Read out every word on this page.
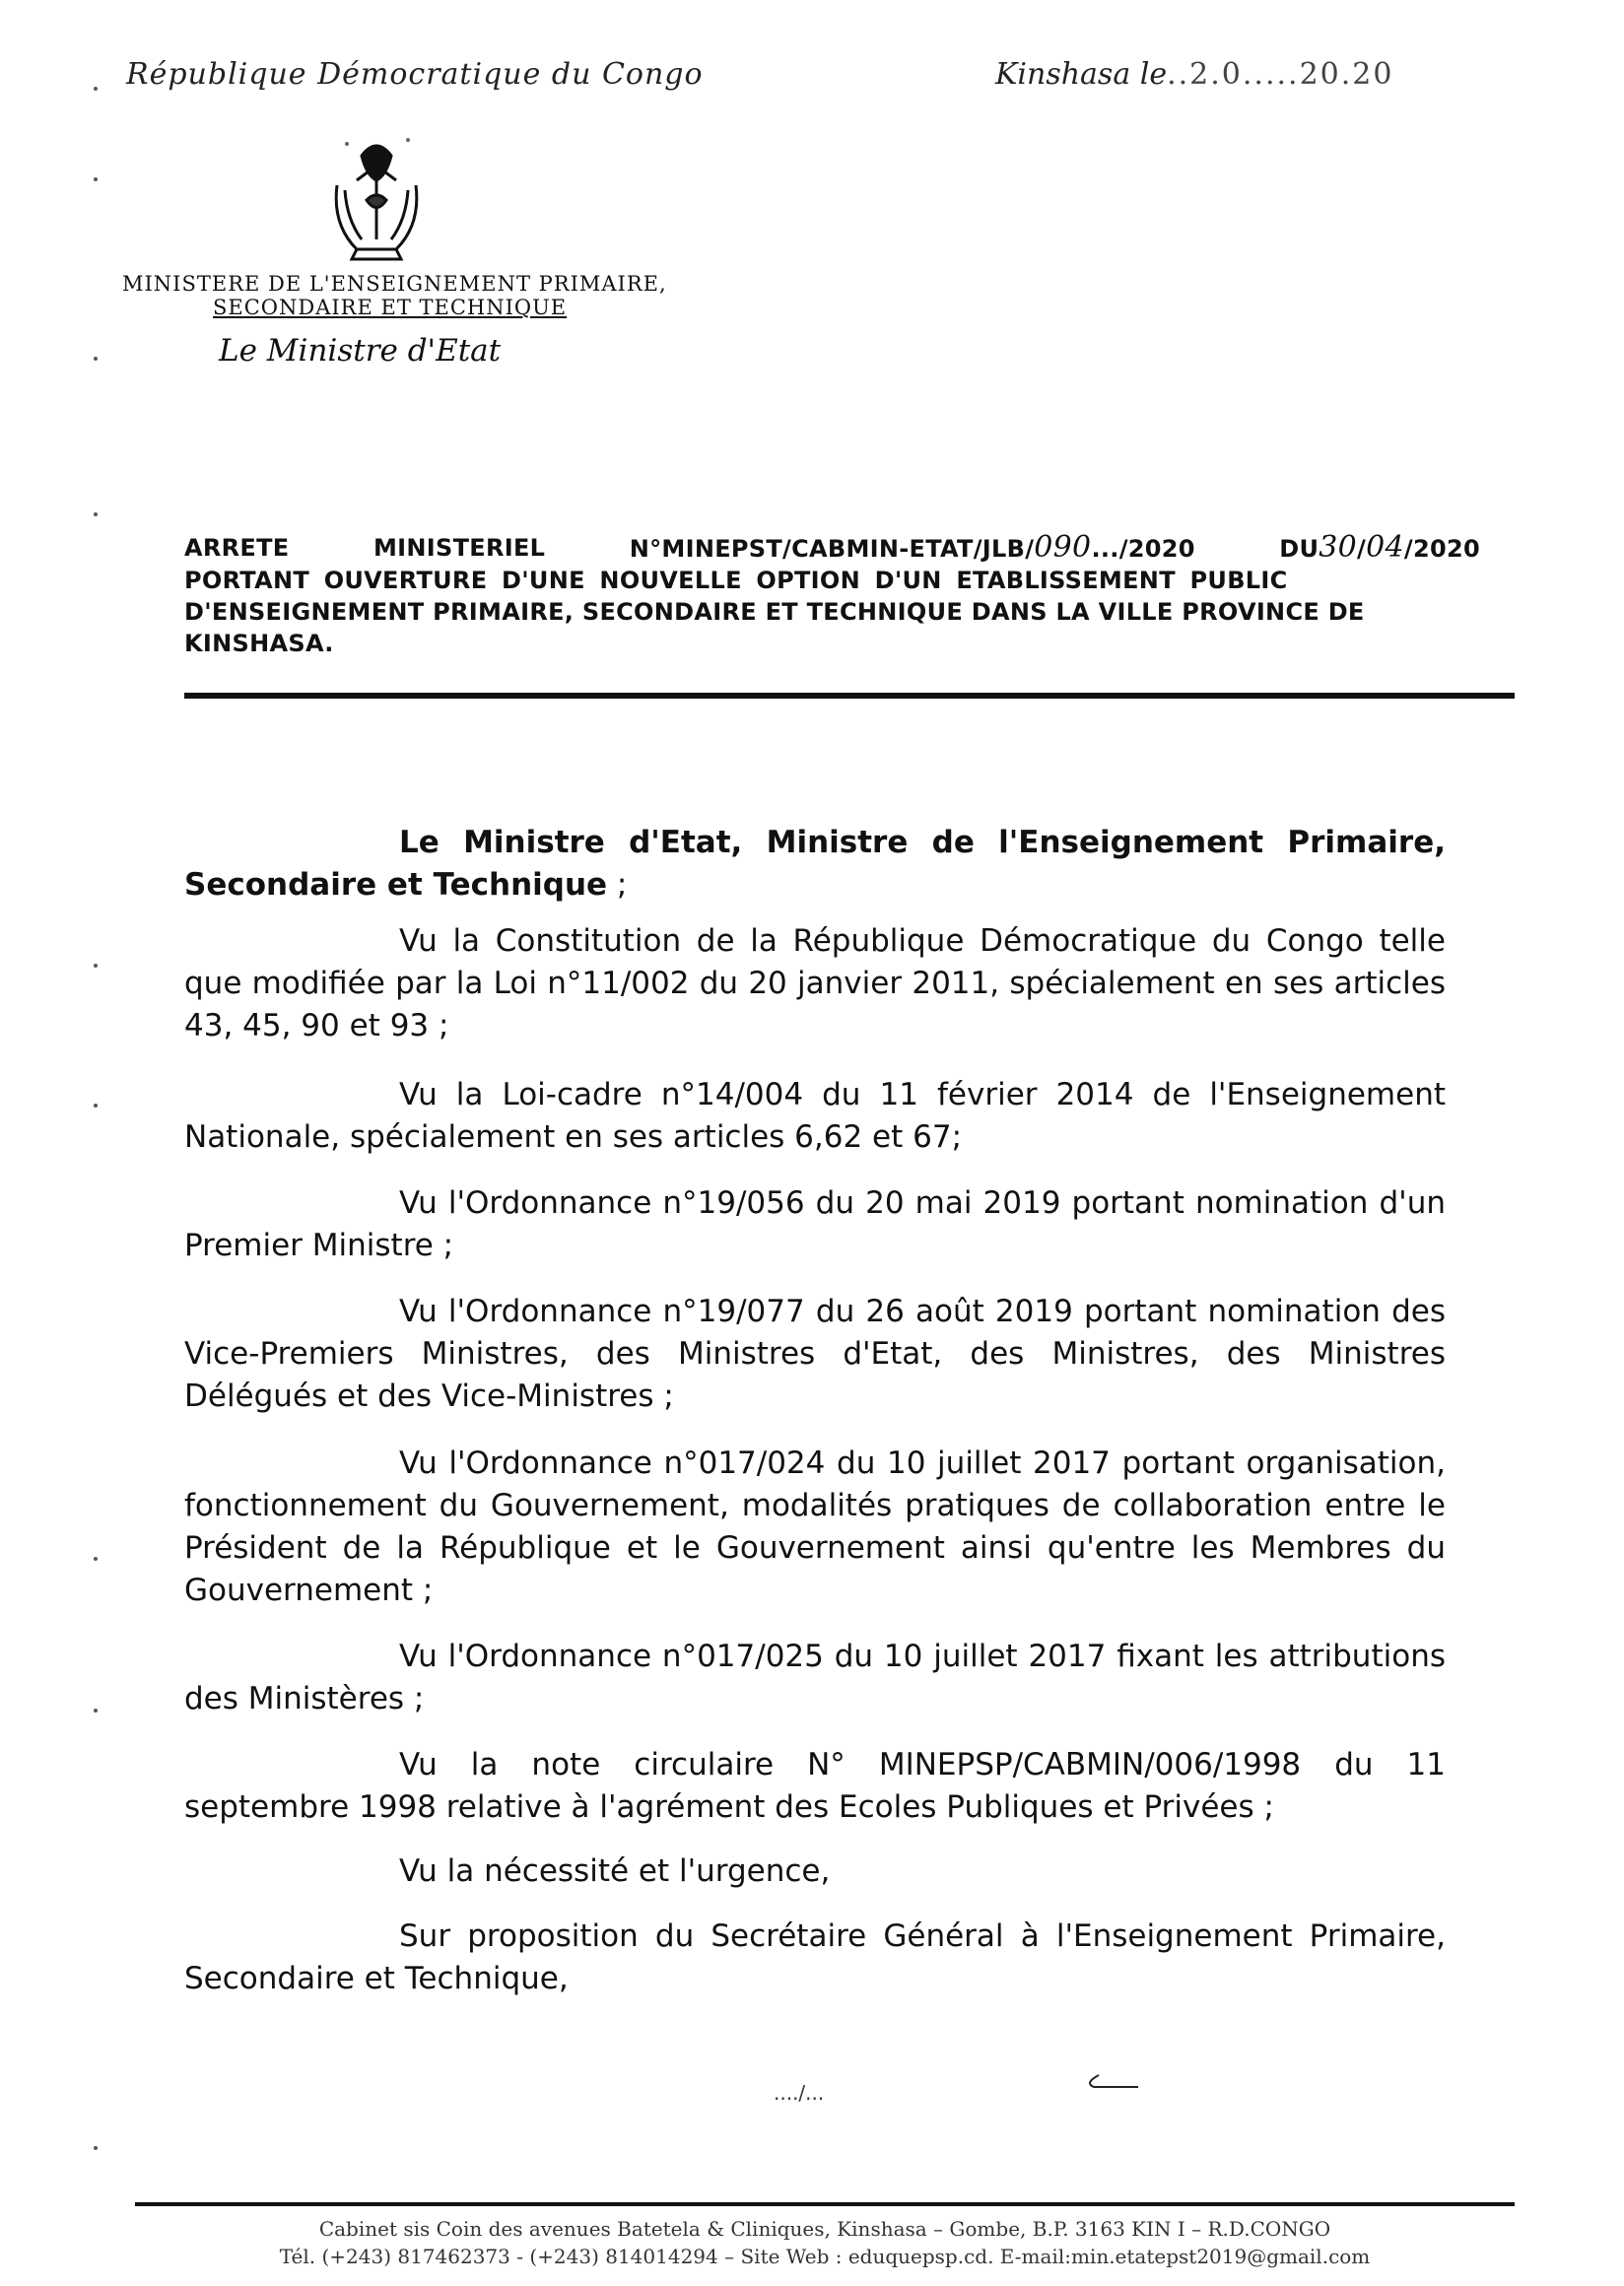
République Démocratique du Congo	Kinshasa le..2.0.....20.20
MINISTERE DE L'ENSEIGNEMENT PRIMAIRE,
SECONDAIRE ET TECHNIQUE
Le Ministre d'Etat
ARRETE	MINISTERIEL	N°MINEPST/CABMIN-ETAT/JLB/090.../2020	DU30/04/2020
PORTANT OUVERTURE D'UNE NOUVELLE OPTION D'UN ETABLISSEMENT PUBLIC
D'ENSEIGNEMENT PRIMAIRE, SECONDAIRE ET TECHNIQUE DANS LA VILLE PROVINCE DE
KINSHASA.
Le Ministre d'Etat, Ministre de l'Enseignement Primaire, Secondaire et Technique ;
Vu la Constitution de la République Démocratique du Congo telle que modifiée par la Loi n°11/002 du 20 janvier 2011, spécialement en ses articles 43, 45, 90 et 93 ;
Vu la Loi-cadre n°14/004 du 11 février 2014 de l'Enseignement Nationale, spécialement en ses articles 6,62 et 67;
Vu l'Ordonnance n°19/056 du 20 mai 2019 portant nomination d'un Premier Ministre ;
Vu l'Ordonnance n°19/077 du 26 août 2019 portant nomination des Vice-Premiers Ministres, des Ministres d'Etat, des Ministres, des Ministres Délégués et des Vice-Ministres ;
Vu l'Ordonnance n°017/024 du 10 juillet 2017 portant organisation, fonctionnement du Gouvernement, modalités pratiques de collaboration entre le Président de la République et le Gouvernement ainsi qu'entre les Membres du Gouvernement ;
Vu l'Ordonnance n°017/025 du 10 juillet 2017 fixant les attributions des Ministères ;
Vu la note circulaire N° MINEPSP/CABMIN/006/1998 du 11 septembre 1998 relative à l'agrément des Ecoles Publiques et Privées ;
Vu la nécessité et l'urgence,
Sur proposition du Secrétaire Général à l'Enseignement Primaire, Secondaire et Technique,
..../...
Cabinet sis Coin des avenues Batetela & Cliniques, Kinshasa – Gombe, B.P. 3163 KIN I – R.D.CONGO
Tél. (+243) 817462373 - (+243) 814014294 – Site Web : eduquepsp.cd. E-mail:min.etatepst2019@gmail.com
